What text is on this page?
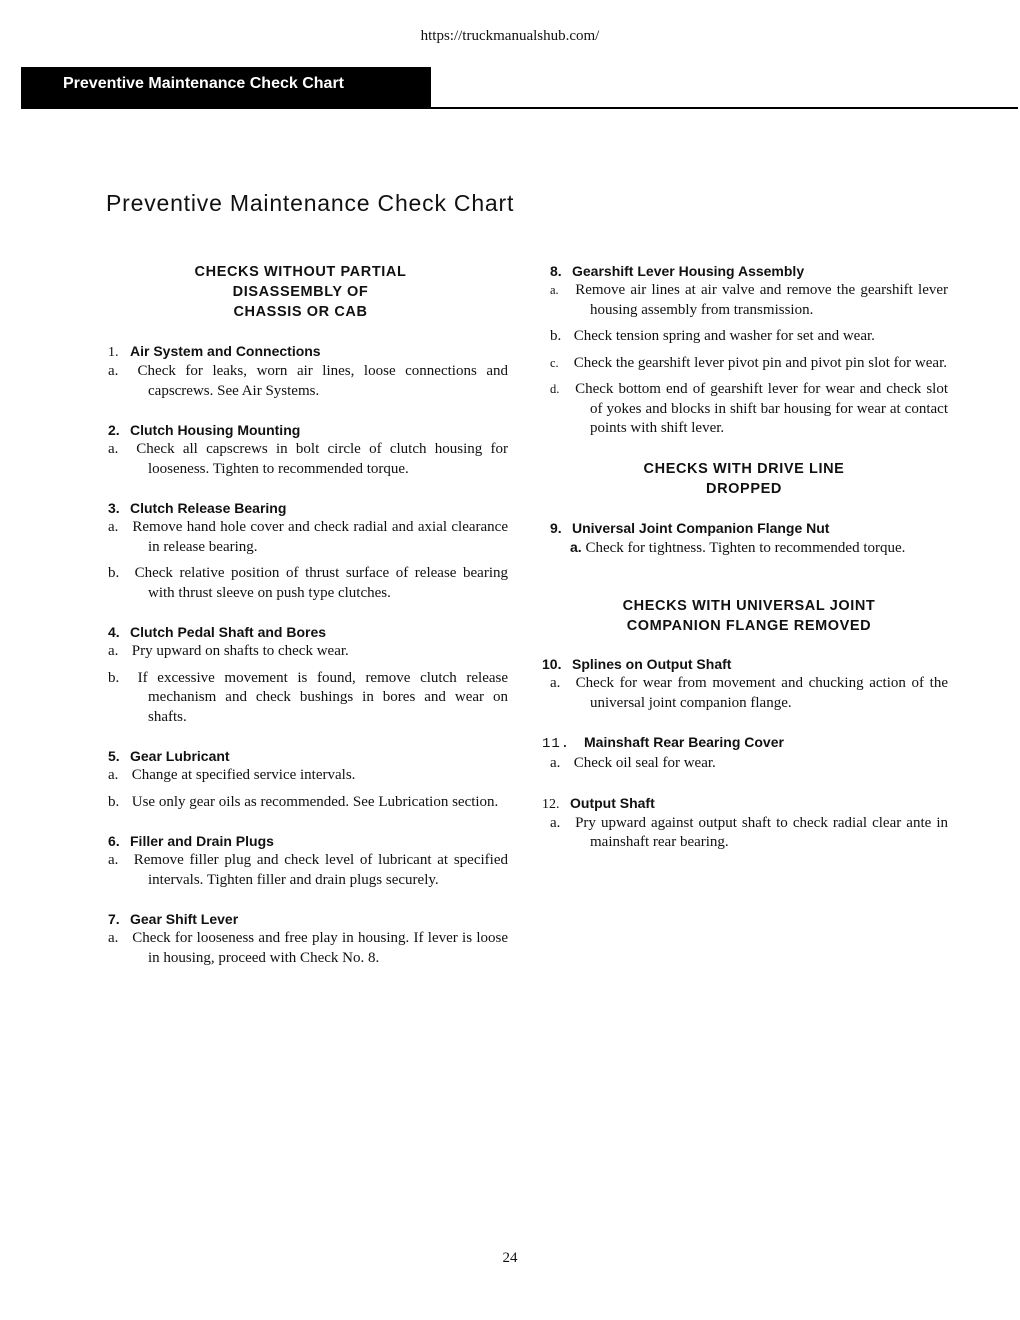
https://truckmanualshub.com/
Preventive Maintenance Check Chart
Preventive Maintenance Check Chart
CHECKS WITHOUT PARTIAL
DISASSEMBLY OF
CHASSIS OR CAB
1. Air System and Connections

a. Check for leaks, worn air lines, loose connections and capscrews. See Air Systems.

2. Clutch Housing Mounting

a. Check all capscrews in bolt circle of clutch housing for looseness. Tighten to recommended torque.

3. Clutch Release Bearing

a. Remove hand hole cover and check radial and axial clearance in release bearing.

b. Check relative position of thrust surface of release bearing with thrust sleeve on push type clutches.

4. Clutch Pedal Shaft and Bores

a. Pry upward on shafts to check wear.

b. If excessive movement is found, remove clutch release mechanism and check bushings in bores and wear on shafts.

5. Gear Lubricant

a. Change at specified service intervals.

b. Use only gear oils as recommended. See Lubrication section.

6. Filler and Drain Plugs

a. Remove filler plug and check level of lubricant at specified intervals. Tighten filler and drain plugs securely.

7. Gear Shift Lever

a. Check for looseness and free play in housing. If lever is loose in housing, proceed with Check No. 8.

8. Gearshift Lever Housing Assembly

a. Remove air lines at air valve and remove the gearshift lever housing assembly from transmission.

b. Check tension spring and washer for set and wear.

c. Check the gearshift lever pivot pin and pivot pin slot for wear.

d. Check bottom end of gearshift lever for wear and check slot of yokes and blocks in shift bar housing for wear at contact points with shift lever.

CHECKS WITH DRIVE LINE
DROPPED
9. Universal Joint Companion Flange Nut

a. Check for tightness. Tighten to recommended torque.

CHECKS WITH UNIVERSAL JOINT
COMPANION FLANGE REMOVED
10. Splines on Output Shaft

a. Check for wear from movement and chucking action of the universal joint companion flange.

11. Mainshaft Rear Bearing Cover

a. Check oil seal for wear.

12. Output Shaft

a. Pry upward against output shaft to check radial clear ante in mainshaft rear bearing.

24
